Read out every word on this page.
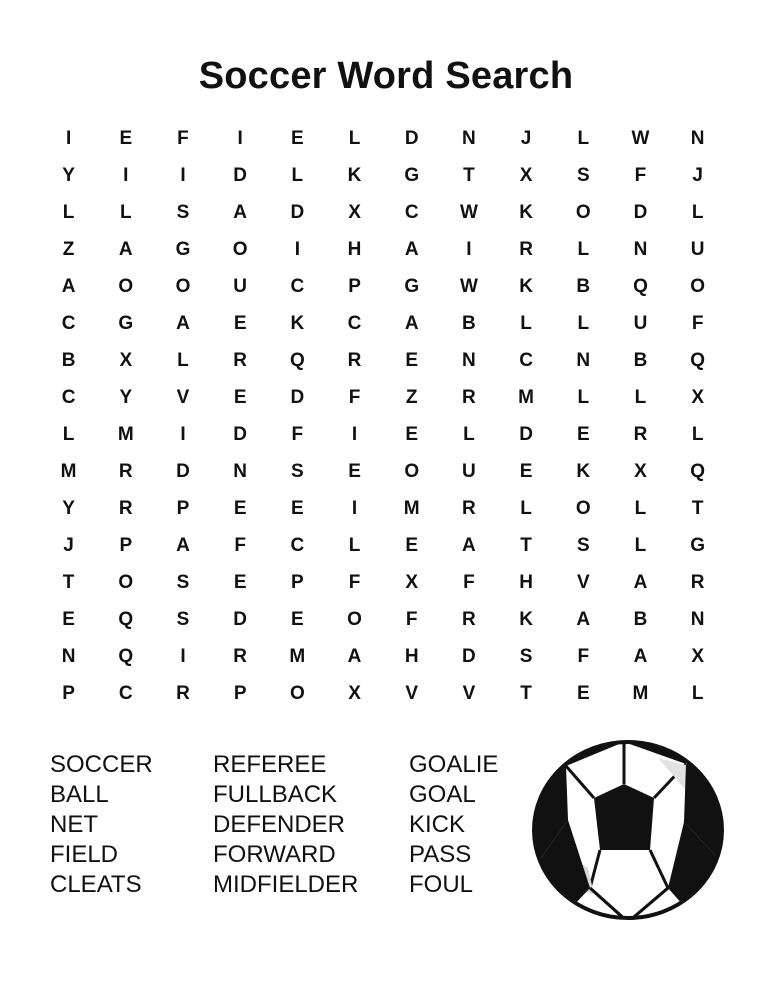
Soccer Word Search
I	E	F	I	E	L	D	N	J	L	W	N
Y	I	I	D	L	K	G	T	X	S	F	J
L	L	S	A	D	X	C	W	K	O	D	L
Z	A	G	O	I	H	A	I	R	L	N	U
A	O	O	U	C	P	G	W	K	B	Q	O
C	G	A	E	K	C	A	B	L	L	U	F
B	X	L	R	Q	R	E	N	C	N	B	Q
C	Y	V	E	D	F	Z	R	M	L	L	X
L	M	I	D	F	I	E	L	D	E	R	L
M	R	D	N	S	E	O	U	E	K	X	Q
Y	R	P	E	E	I	M	R	L	O	L	T
J	P	A	F	C	L	E	A	T	S	L	G
T	O	S	E	P	F	X	F	H	V	A	R
E	Q	S	D	E	O	F	R	K	A	B	N
N	Q	I	R	M	A	H	D	S	F	A	X
P	C	R	P	O	X	V	V	T	E	M	L
SOCCER
BALL
NET
FIELD
CLEATS
REFEREE
FULLBACK
DEFENDER
FORWARD
MIDFIELDER
GOALIE
GOAL
KICK
PASS
FOUL
